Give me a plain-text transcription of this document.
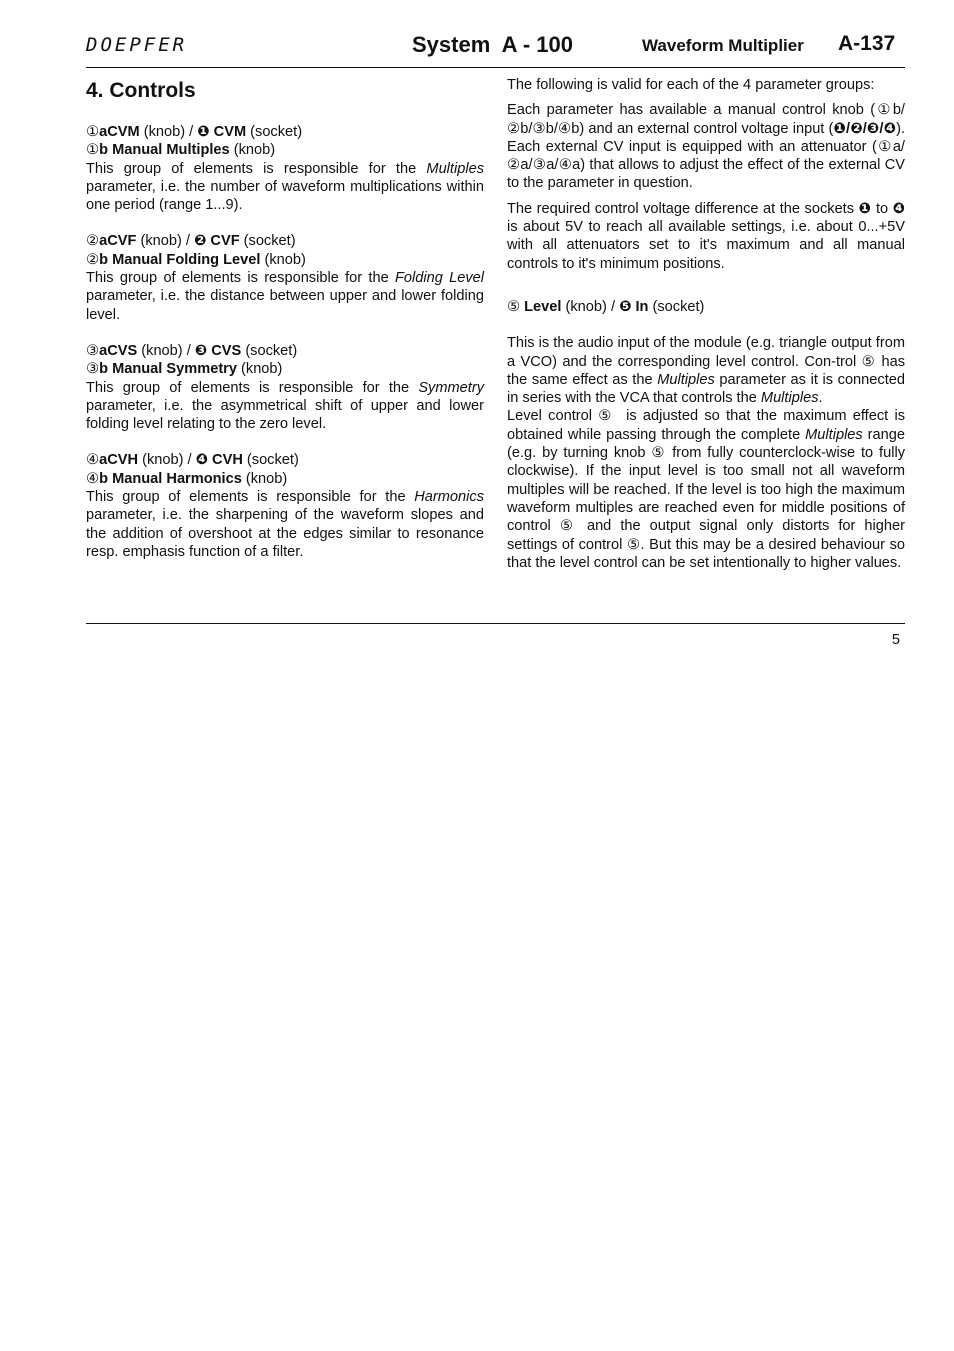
DOEPFER	System  A - 100	Waveform Multiplier A-137
4. Controls
①aCVM (knob) / ❶ CVM (socket)
①b Manual Multiples (knob)
This group of elements is responsible for the Multiples parameter, i.e. the number of waveform multiplications within one period (range 1...9).
②aCVF (knob) / ❷ CVF (socket)
②b Manual Folding Level (knob)
This group of elements is responsible for the Folding Level parameter, i.e. the distance between upper and lower folding level.
③aCVS (knob) / ❸ CVS (socket)
③b Manual Symmetry (knob)
This group of elements is responsible for the Symmetry parameter, i.e. the asymmetrical shift of upper and lower folding level relating to the zero level.
④aCVH (knob) / ❹ CVH (socket)
④b Manual Harmonics (knob)
This group of elements is responsible for the Harmonics parameter, i.e. the sharpening of the waveform slopes and the addition of overshoot at the edges similar to resonance resp. emphasis function of a filter.
The following is valid for each of the 4 parameter groups:
Each parameter has available a manual control knob (①b/②b/③b/④b) and an external control voltage input (❶/❷/❸/❹). Each external CV input is equipped with an attenuator (①a/②a/③a/④a) that allows to adjust the effect of the external CV to the parameter in question.
The required control voltage difference at the sockets ❶ to ❹  is about 5V to reach all available settings, i.e. about 0...+5V with all attenuators set to it's maximum and all manual controls to it's minimum positions.
⑤ Level (knob) / ❺ In (socket)
This is the audio input of the module (e.g. triangle output from a VCO) and the corresponding level control. Con-trol ⑤ has the same effect as the Multiples parameter as it is connected in series with the VCA that controls the Multiples.
Level control ⑤  is adjusted so that the maximum effect is obtained while passing through the complete Multiples range (e.g. by turning knob ⑤ from fully counterclock-wise to fully clockwise). If the input level is too small not all waveform multiples will be reached. If the level is too high the maximum waveform multiples are reached even for middle positions of control ⑤ and the output signal only distorts for higher settings of control ⑤. But this may be a desired behaviour so that the level control can be set intentionally to higher values.
5
